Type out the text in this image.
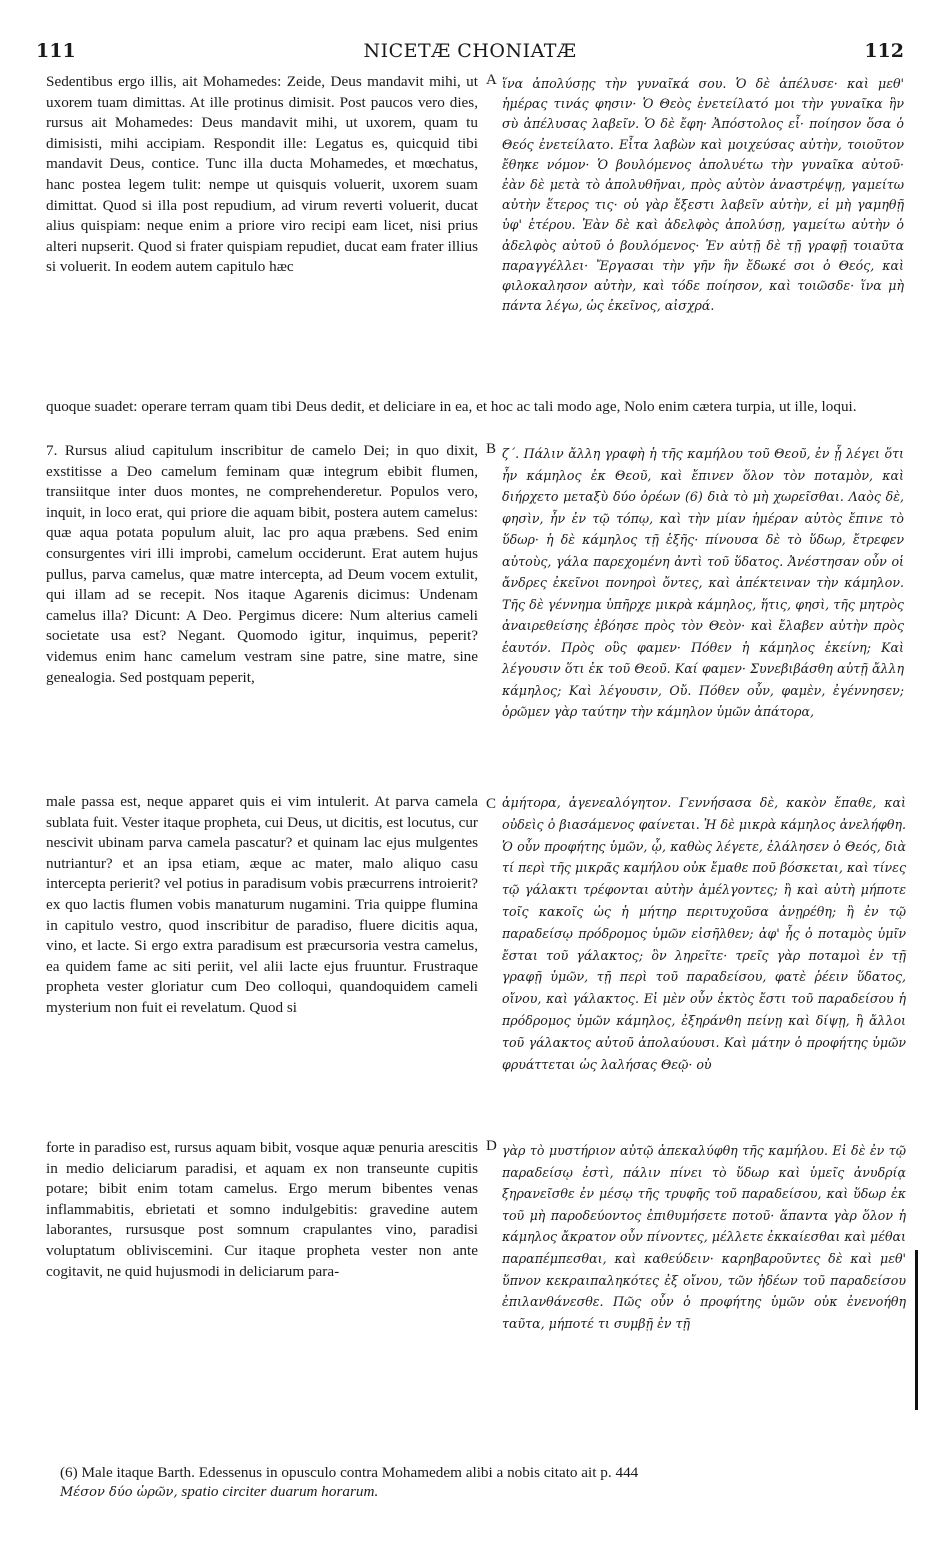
111	NICETÆ CHONIATÆ	112

Sedentibus ergo illis, ait Mohamedes: Zeide, Deus mandavit mihi, ut uxorem tuam dimittas. At ille protinus dimisit. Post paucos vero dies, rursus ait Mohamedes: Deus mandavit mihi, ut uxorem, quam tu dimisisti, mihi accipiam. Respondit ille: Legatus es, quicquid tibi mandavit Deus, contice. Tunc illa ducta Mohamedes, et mœchatus, hanc postea legem tulit: nempe ut quisquis voluerit, uxorem suam dimittat. Quod si illa post repudium, ad virum reverti voluerit, ducat alius quispiam: neque enim a priore viro recipi eam licet, nisi prius alteri nupserit. Quod si frater quispiam repudiet, ducat eam frater illius si voluerit. In eodem autem capitulo hæc

A ἵνα ἀπολύσῃς τὴν γυναῖκά σου. Ὁ δὲ ἀπέλυσε· καὶ μεθ' ἡμέρας τινάς φησιν· Ὁ Θεὸς ἐνετείλατό μοι τὴν γυναῖκα ἣν σὺ ἀπέλυσας λαβεῖν. Ὁ δὲ ἔφη· Ἀπόστολος εἶ· ποίησον ὅσα ὁ Θεός ἐνετείλατο. Εἶτα λαβὼν καὶ μοιχεύσας αὐτὴν, τοιοῦτον ἔθηκε νόμον· Ὁ βουλόμενος ἀπολυέτω τὴν γυναῖκα αὐτοῦ· ἐὰν δὲ μετὰ τὸ ἀπολυθῆναι, πρὸς αὐτὸν ἀναστρέψῃ, γαμείτω αὐτὴν ἕτερος τις· οὐ γὰρ ἔξεστι λαβεῖν αὐτὴν, εἰ μὴ γαμηθῇ ὑφ' ἑτέρου. Ἐὰν δὲ καὶ ἀδελφὸς ἀπολύσῃ, γαμείτω αὐτὴν ὁ ἀδελφὸς αὐτοῦ ὁ βουλόμενος· Ἐν αὐτῇ δὲ τῇ γραφῇ τοιαῦτα παραγγέλλει· Ἔργασαι τὴν γῆν ἣν ἔδωκέ σοι ὁ Θεός, καὶ φιλοκαλησον αὐτὴν, καὶ τόδε ποίησον, καὶ τοιῶσδε· ἵνα μὴ πάντα λέγω, ὡς ἐκεῖνος, αἰσχρά.

quoque suadet: operare terram quam tibi Deus dedit, et deliciare in ea, et hoc ac tali modo age, Nolo enim cætera turpia, ut ille, loqui.

7. Rursus aliud capitulum inscribitur de camelo Dei; in quo dixit, exstitisse a Deo camelum feminam quæ integrum ebibit flumen, transiitque inter duos montes, ne comprehenderetur. Populos vero, inquit, in loco erat, qui priore die aquam bibit, postera autem camelus: quæ aqua potata populum aluit, lac pro aqua præbens. Sed enim consurgentes viri illi improbi, camelum occiderunt. Erat autem hujus pullus, parva camelus, quæ matre intercepta, ad Deum vocem extulit, qui illam ad se recepit. Nos itaque Agarenis dicimus: Undenam camelus illa? Dicunt: A Deo. Pergimus dicere: Num alterius cameli societate usa est? Negant. Quomodo igitur, inquimus, peperit? videmus enim hanc camelum vestram sine patre, sine matre, sine genealogia. Sed postquam peperit,

B ζ΄. Πάλιν ἄλλη γραφὴ ἡ τῆς καμήλου τοῦ Θεοῦ, ἐν ᾗ λέγει ὅτι ἦν κάμηλος ἐκ Θεοῦ, καὶ ἔπινεν ὅλον τὸν ποταμὸν, καὶ διήρχετο μεταξὺ δύο ὀρέων (6) διὰ τὸ μὴ χωρεῖσθαι. Λαὸς δὲ, φησὶν, ἦν ἐν τῷ τόπῳ, καὶ τὴν μίαν ἡμέραν αὐτὸς ἔπινε τὸ ὕδωρ· ἡ δὲ κάμηλος τῇ ἑξῆς· πίνουσα δὲ τὸ ὕδωρ, ἔτρεφεν αὐτοὺς, γάλα παρεχομένη ἀντὶ τοῦ ὕδατος. Ἀνέστησαν οὖν οἱ ἄνδρες ἐκεῖνοι πονηροὶ ὄντες, καὶ ἀπέκτειναν τὴν κάμηλον. Τῆς δὲ γέννημα ὑπῆρχε μικρὰ κάμηλος, ἥτις, φησὶ, τῆς μητρὸς ἀναιρεθείσης ἐβόησε πρὸς τὸν Θεὸν· καὶ ἔλαβεν αὐτὴν πρὸς ἑαυτόν. Πρὸς οὓς φαμεν· Πόθεν ἡ κάμηλος ἐκείνη; Καὶ λέγουσιν ὅτι ἐκ τοῦ Θεοῦ. Καί φαμεν· Συνεβιβάσθη αὐτῇ ἄλλη κάμηλος; Καὶ λέγουσιν, Οὔ. Πόθεν οὖν, φαμὲν, ἐγέννησεν; ὁρῶμεν γὰρ ταύτην τὴν κάμηλον ὑμῶν ἀπάτορα,

male passa est, neque apparet quis ei vim intulerit. At parva camela sublata fuit. Vester itaque propheta, cui Deus, ut dicitis, est locutus, cur nescivit ubinam parva camela pascatur? et quinam lac ejus mulgentes nutriantur? et an ipsa etiam, æque ac mater, malo aliquo casu intercepta perierit? vel potius in paradisum vobis præcurrens introierit? ex quo lactis flumen vobis manaturum nugamini. Tria quippe flumina in capitulo vestro, quod inscribitur de paradiso, fluere dicitis aqua, vino, et lacte. Si ergo extra paradisum est præcursoria vestra camelus, ea quidem fame ac siti periit, vel alii lacte ejus fruuntur. Frustraque propheta vester gloriatur cum Deo colloqui, quandoquidem cameli mysterium non fuit ei revelatum. Quod si

C ἀμήτορα, ἀγενεαλόγητον. Γεννήσασα δὲ, κακὸν ἔπαθε, καὶ οὐδεὶς ὁ βιασάμενος φαίνεται. Ἡ δὲ μικρὰ κάμηλος ἀνελήφθη. Ὁ οὖν προφήτης ὑμῶν, ᾧ, καθὼς λέγετε, ἐλάλησεν ὁ Θεός, διὰ τί περὶ τῆς μικρᾶς καμήλου οὐκ ἔμαθε ποῦ βόσκεται, καὶ τίνες τῷ γάλακτι τρέφονται αὐτὴν ἀμέλγοντες; ἢ καὶ αὐτὴ μήποτε τοῖς κακοῖς ὡς ἡ μήτηρ περιτυχοῦσα ἀνῃρέθη; ἢ ἐν τῷ παραδείσῳ πρόδρομος ὑμῶν εἰσῆλθεν; ἀφ' ἧς ὁ ποταμὸς ὑμῖν ἔσται τοῦ γάλακτος; ὃν ληρεῖτε· τρεῖς γὰρ ποταμοὶ ἐν τῇ γραφῇ ὑμῶν, τῇ περὶ τοῦ παραδείσου, φατὲ ῥέειν ὕδατος, οἴνου, καὶ γάλακτος. Εἰ μὲν οὖν ἐκτὸς ἔστι τοῦ παραδείσου ἡ πρόδρομος ὑμῶν κάμηλος, ἐξηράνθη πείνῃ καὶ δίψῃ, ἢ ἄλλοι τοῦ γάλακτος αὐτοῦ ἀπολαύουσι. Καὶ μάτην ὁ προφήτης ὑμῶν φρυάττεται ὡς λαλήσας Θεῷ· οὐ

forte in paradiso est, rursus aquam bibit, vosque aquæ penuria arescitis in medio deliciarum paradisi, et aquam ex non transeunte cupitis potare; bibit enim totam camelus. Ergo merum bibentes venas inflammabitis, ebrietati et somno indulgebitis: gravedine autem laborantes, rursusque post somnum crapulantes vino, paradisi voluptatum obliviscemini. Cur itaque propheta vester non ante cogitavit, ne quid hujusmodi in deliciarum para-

D γὰρ τὸ μυστήριον αὐτῷ ἀπεκαλύφθη τῆς καμήλου. Εἰ δὲ ἐν τῷ παραδείσῳ ἐστὶ, πάλιν πίνει τὸ ὕδωρ καὶ ὑμεῖς ἀνυδρίᾳ ξηρανεῖσθε ἐν μέσῳ τῆς τρυφῆς τοῦ παραδείσου, καὶ ὕδωρ ἐκ τοῦ μὴ παροδεύοντος ἐπιθυμήσετε ποτοῦ· ἅπαντα γὰρ ὅλον ἡ κάμηλος ἄκρατον οὖν πίνοντες, μέλλετε ἐκκαίεσθαι καὶ μέθαι παραπέμπεσθαι, καὶ καθεύδειν· καρηβαροῦντες δὲ καὶ μεθ' ὕπνον κεκραιπαληκότες ἐξ οἴνου, τῶν ἡδέων τοῦ παραδείσου ἐπιλανθάνεσθε. Πῶς οὖν ὁ προφήτης ὑμῶν οὐκ ἐνενοήθη ταῦτα, μήποτέ τι συμβῇ ἐν τῇ

(6) Male itaque Barth. Edessenus in opusculo contra Mohamedem alibi a nobis citato ait p. 444
Μέσον δύο ὡρῶν, spatio circiter duarum horarum.
